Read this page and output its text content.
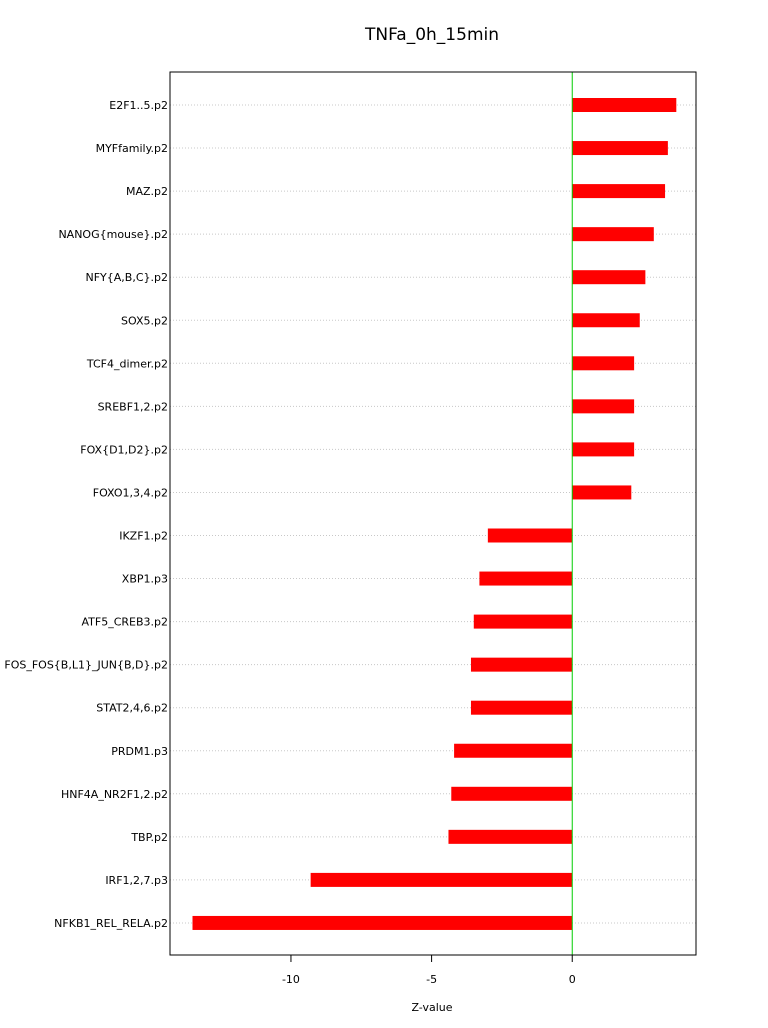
TNFa_0h_15min
E2F1..5.p2
MYFfamily.p2
MAZ.p2
NANOG{mouse}.p2
NFY{A,B,C}.p2
SOX5.p2
TCF4_dimer.p2
SREBF1,2.p2
FOX{D1,D2}.p2
FOXO1,3,4.p2
IKZF1.p2
XBP1.p3
ATF5_CREB3.p2
FOS_FOS{B,L1}_JUN{B,D}.p2
STAT2,4,6.p2
PRDM1.p3
HNF4A_NR2F1,2.p2
TBP.p2
IRF1,2,7.p3
NFKB1_REL_RELA.p2
-10	-5	0
Z-value
